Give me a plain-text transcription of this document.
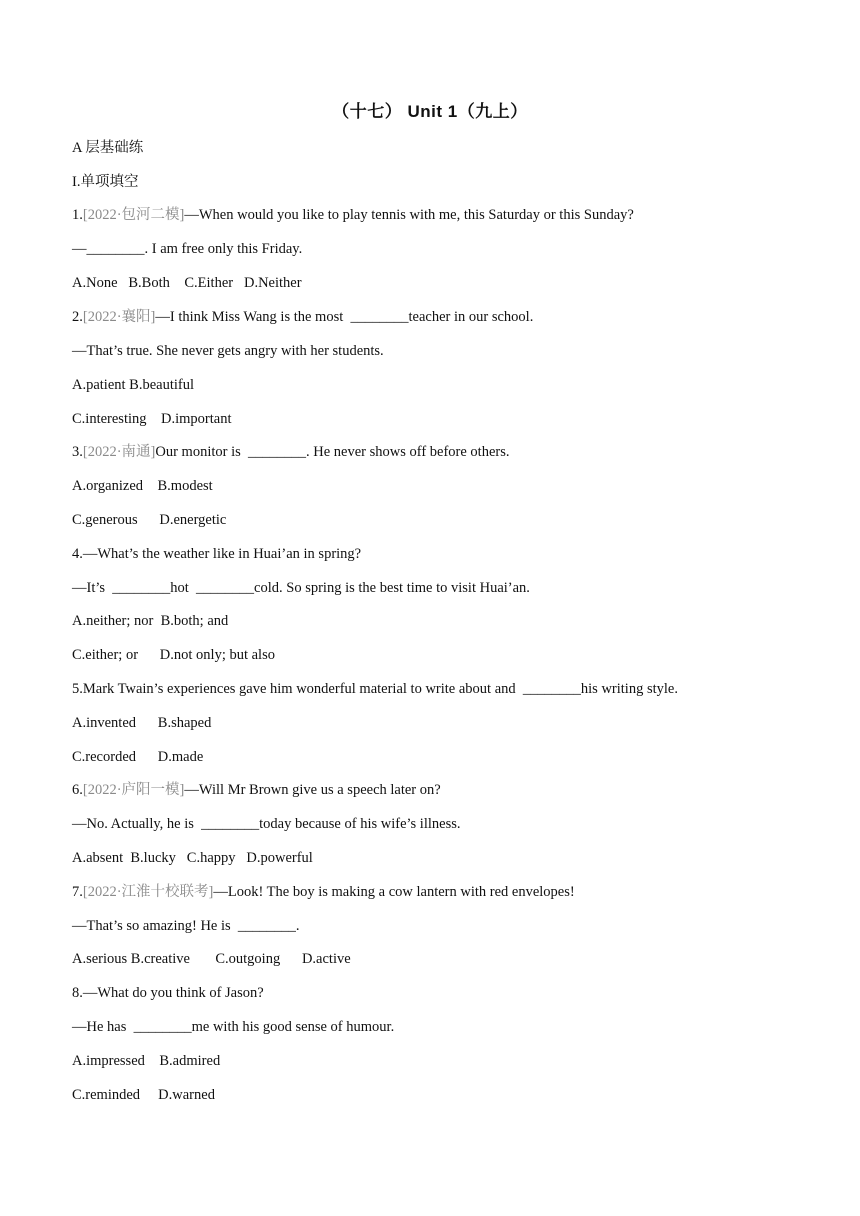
（十七） Unit 1（九上）
A 层基础练
I.单项填空
1.[2022·包河二模]—When would you like to play tennis with me, this Saturday or this Sunday?
—________. I am free only this Friday.
A.None   B.Both    C.Either   D.Neither
2.[2022·襄阳]—I think Miss Wang is the most  ________teacher in our school.
—That’s true. She never gets angry with her students.
A.patient B.beautiful
C.interesting    D.important
3.[2022·南通]Our monitor is  ________. He never shows off before others.
A.organized    B.modest
C.generous      D.energetic
4.—What’s the weather like in Huai’an in spring?
—It’s  ________hot  ________cold. So spring is the best time to visit Huai’an.
A.neither; nor  B.both; and
C.either; or      D.not only; but also
5.Mark Twain’s experiences gave him wonderful material to write about and  ________his writing style.
A.invented      B.shaped
C.recorded      D.made
6.[2022·庐阳一模]—Will Mr Brown give us a speech later on?
—No. Actually, he is  ________today because of his wife’s illness.
A.absent  B.lucky   C.happy   D.powerful
7.[2022·江淮十校联考]—Look! The boy is making a cow lantern with red envelopes!
—That’s so amazing! He is  ________.
A.serious B.creative       C.outgoing      D.active
8.—What do you think of Jason?
—He has  ________me with his good sense of humour.
A.impressed    B.admired
C.reminded     D.warned
